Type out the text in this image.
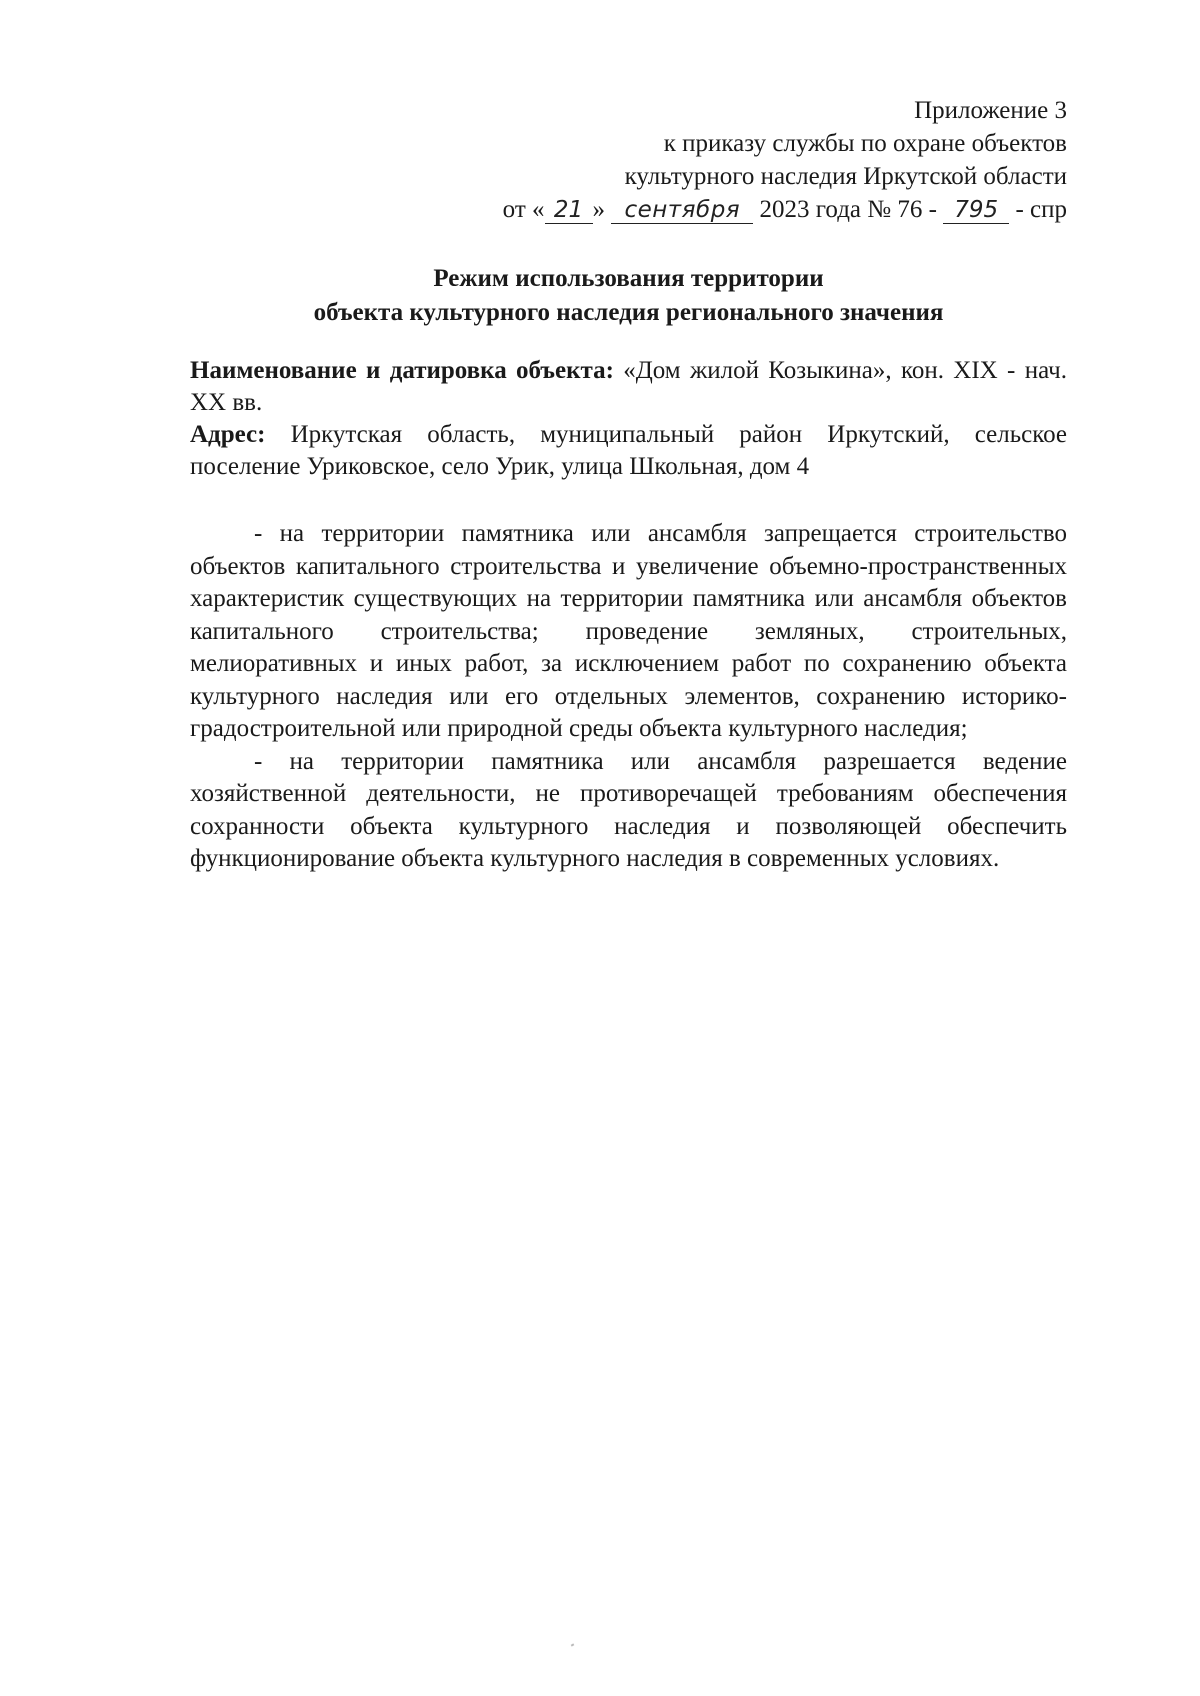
Приложение 3
к приказу службы по охране объектов
культурного наследия Иркутской области
от « 21 » сентября 2023 года № 76 - 795 - спр
Режим использования территории
объекта культурного наследия регионального значения

Наименование и датировка объекта: «Дом жилой Козыкина», кон. XIX - нач. XX вв.

Адрес: Иркутская область, муниципальный район Иркутский, сельское поселение Уриковское, село Урик, улица Школьная, дом 4

- на территории памятника или ансамбля запрещается строительство объектов капитального строительства и увеличение объемно-пространственных характеристик существующих на территории памятника или ансамбля объектов капитального строительства; проведение земляных, строительных, мелиоративных и иных работ, за исключением работ по сохранению объекта культурного наследия или его отдельных элементов, сохранению историко-градостроительной или природной среды объекта культурного наследия;

- на территории памятника или ансамбля разрешается ведение хозяйственной деятельности, не противоречащей требованиям обеспечения сохранности объекта культурного наследия и позволяющей обеспечить функционирование объекта культурного наследия в современных условиях.
